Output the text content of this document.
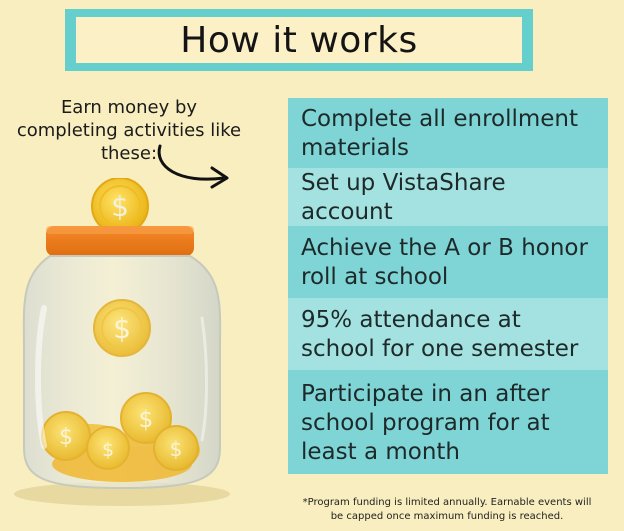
How it works
Earn money by completing activities like these:
$
$
$
$
$
$
Complete all enrollment materials
Set up VistaShare account
Achieve the A or B honor roll at school
95% attendance at school for one semester
Participate in an after school program for at least a month
*Program funding is limited annually. Earnable events will be capped once maximum funding is reached.
